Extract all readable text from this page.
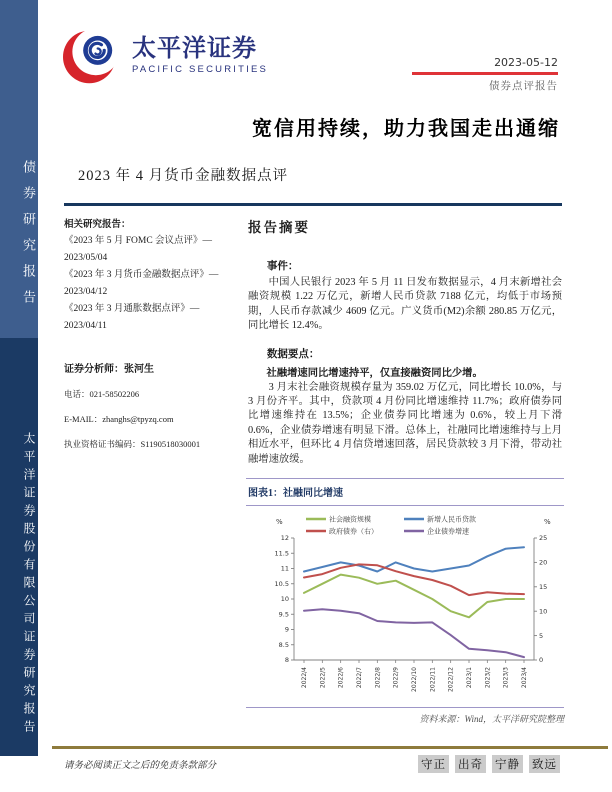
债券研究报告
太平洋证券股份有限公司证券研究报告
太平洋证券
PACIFIC SECURITIES
2023-05-12
债券点评报告
宽信用持续，助力我国走出通缩
2023 年 4 月货币金融数据点评
相关研究报告：
《2023 年 5 月 FOMC 会议点评》—2023/05/04
《2023 年 3 月货币金融数据点评》—2023/04/12
《2023 年 3 月通胀数据点评》—2023/04/11
证券分析师：张河生
电话：021-58502206
E-MAIL：zhanghs@tpyzq.com
执业资格证书编码：S1190518030001
报告摘要
事件：

中国人民银行 2023 年 5 月 11 日发布数据显示，4 月末新增社会融资规模 1.22 万亿元，新增人民币贷款 7188 亿元，均低于市场预期，人民币存款减少 4609 亿元。广义货币(M2)余额 280.85 万亿元，同比增长 12.4%。

数据要点：
社融增速同比增速持平，仅直接融资同比少增。

3 月末社会融资规模存量为 359.02 万亿元，同比增长 10.0%，与 3 月份齐平。其中，贷款项 4 月份同比增速维持 11.7%；政府债券同比增速维持在 13.5%；企业债券同比增速为 0.6%，较上月下滑 0.6%，企业债券增速有明显下滑。总体上，社融同比增速维持与上月相近水平，但环比 4 月信贷增速回落，居民贷款较 3 月下滑，带动社融增速放缓。

图表1：社融同比增速
8
8.5
9
9.5
10
10.5
11
11.5
12
0
5
10
15
20
25
%	%
2022/4 2022/5 2022/6 2022/7 2022/8 2022/9 2022/10 2022/11 2022/12 2023/1 2023/2 2023/3 2023/4
社会融资规模	新增人民币贷款
政府债券（右）	企业债券增速
资料来源：Wind，太平洋研究院整理
请务必阅读正文之后的免责条款部分	守正 出奇 宁静 致远
